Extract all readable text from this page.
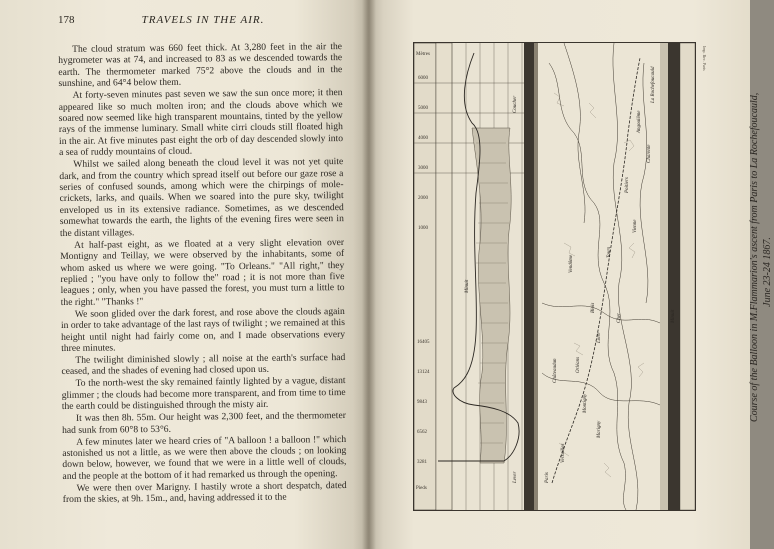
178	TRAVELS IN THE AIR.

The cloud stratum was 660 feet thick. At 3,280 feet in the air the hygrometer was at 74, and increased to 83 as we descended towards the earth. The thermometer marked 75°2 above the clouds and in the sunshine, and 64°4 below them.

At forty-seven minutes past seven we saw the sun once more; it then appeared like so much molten iron; and the clouds above which we soared now seemed like high transparent mountains, tinted by the yellow rays of the immense luminary. Small white cirri clouds still floated high in the air. At five minutes past eight the orb of day descended slowly into a sea of ruddy mountains of cloud.

Whilst we sailed along beneath the cloud level it was not yet quite dark, and from the country which spread itself out before our gaze rose a series of confused sounds, among which were the chirpings of mole-crickets, larks, and quails. When we soared into the pure sky, twilight enveloped us in its extensive radiance. Sometimes, as we descended somewhat towards the earth, the lights of the evening fires were seen in the distant villages.

At half-past eight, as we floated at a very slight elevation over Montigny and Teillay, we were observed by the inhabitants, some of whom asked us where we were going. "To Orleans." "All right," they replied ; "you have only to follow the" road ; it is not more than five leagues ; only, when you have passed the forest, you must turn a little to the right." "Thanks !"

We soon glided over the dark forest, and rose above the clouds again in order to take advantage of the last rays of twilight ; we remained at this height until night had fairly come on, and I made observations every three minutes.

The twilight diminished slowly ; all noise at the earth's surface had ceased, and the shades of evening had closed upon us.

To the north-west the sky remained faintly lighted by a vague, distant glimmer ; the clouds had become more transparent, and from time to time the earth could be distinguished through the misty air.

It was then 8h. 55m. Our height was 2,300 feet, and the thermometer had sunk from 60°8 to 53°6.

A few minutes later we heard cries of "A balloon ! a balloon !" which astonished us not a little, as we were then above the clouds ; on looking down below, however, we found that we were in a little well of clouds, and the people at the bottom of it had remarked us through the opening.

We were then over Marigny. I hastily wrote a short despatch, dated from the skies, at 9h. 15m., and, having addressed it to the

Mètres
6000
5000
4000
3000
2000
1000
Pieds
16405
13124
9843
6562
3281
Minuit
Minuit
Coucher
Lever	Paris
Versailles
Orléans
Blois
Tours
Vendôme
Châteaudun
Poitiers
Angoulême
La Rochefoucauld
Loire
Cher
Vienne
Charente
Montigny
Marigny
Imp. Bec. Paris
Course of the Balloon in M.Flammarion's ascent from Paris to La Rochefoucauld, June 23-24 1867.
